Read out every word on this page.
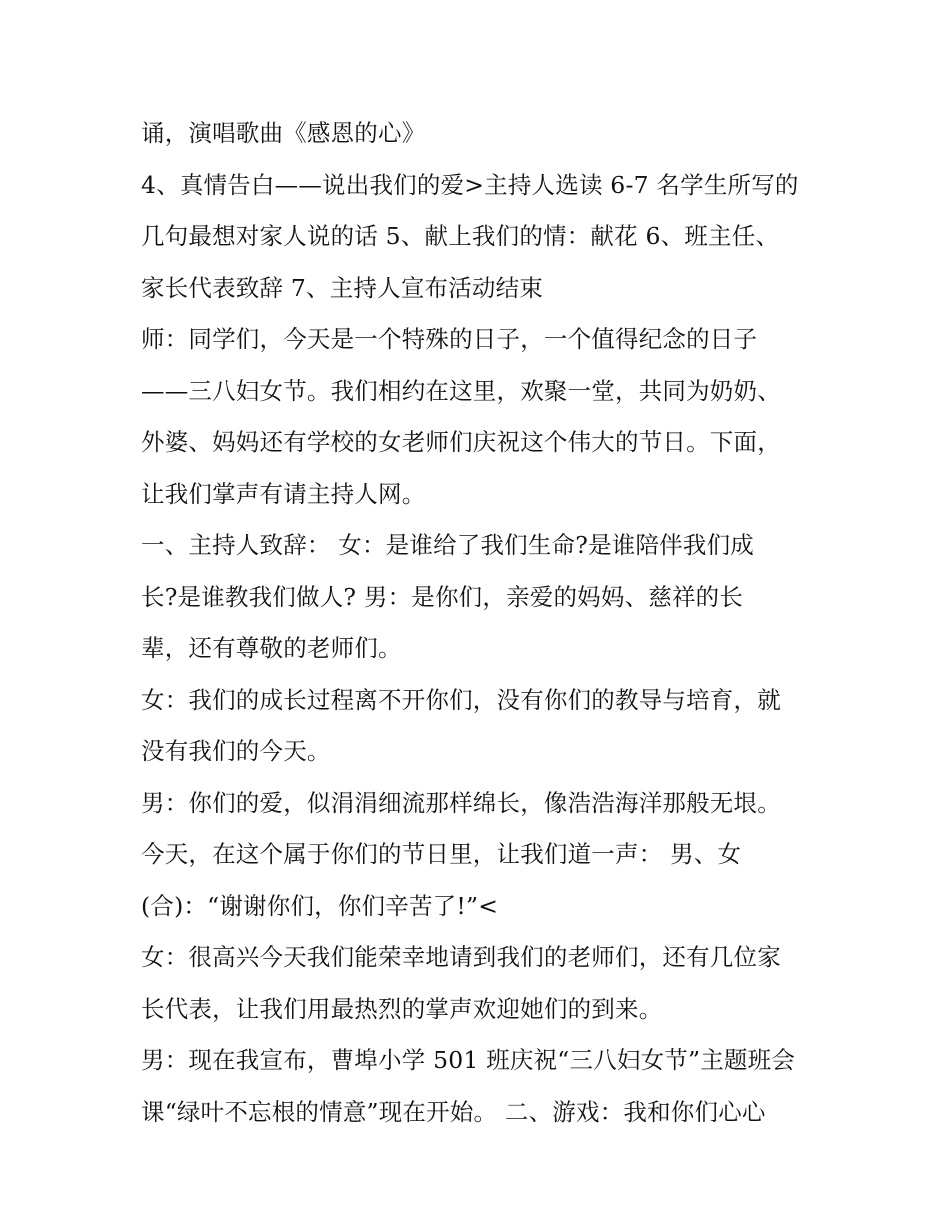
诵，演唱歌曲《感恩的心》
4、真情告白——说出我们的爱>主持人选读 6-7 名学生所写的
几句最想对家人说的话 5、献上我们的情：献花 6、班主任、
家长代表致辞 7、主持人宣布活动结束
师：同学们，今天是一个特殊的日子，一个值得纪念的日子
——三八妇女节。我们相约在这里，欢聚一堂，共同为奶奶、
外婆、妈妈还有学校的女老师们庆祝这个伟大的节日。下面，
让我们掌声有请主持人网。
一、主持人致辞： 女：是谁给了我们生命?是谁陪伴我们成
长?是谁教我们做人? 男：是你们，亲爱的妈妈、慈祥的长
辈，还有尊敬的老师们。
女：我们的成长过程离不开你们，没有你们的教导与培育，就
没有我们的今天。
男：你们的爱，似涓涓细流那样绵长，像浩浩海洋那般无垠。
今天，在这个属于你们的节日里，让我们道一声： 男、女
(合)：“谢谢你们，你们辛苦了!”<
女：很高兴今天我们能荣幸地请到我们的老师们，还有几位家
长代表，让我们用最热烈的掌声欢迎她们的到来。
男：现在我宣布，曹埠小学 501 班庆祝“三八妇女节”主题班会
课“绿叶不忘根的情意”现在开始。 二、游戏：我和你们心心
